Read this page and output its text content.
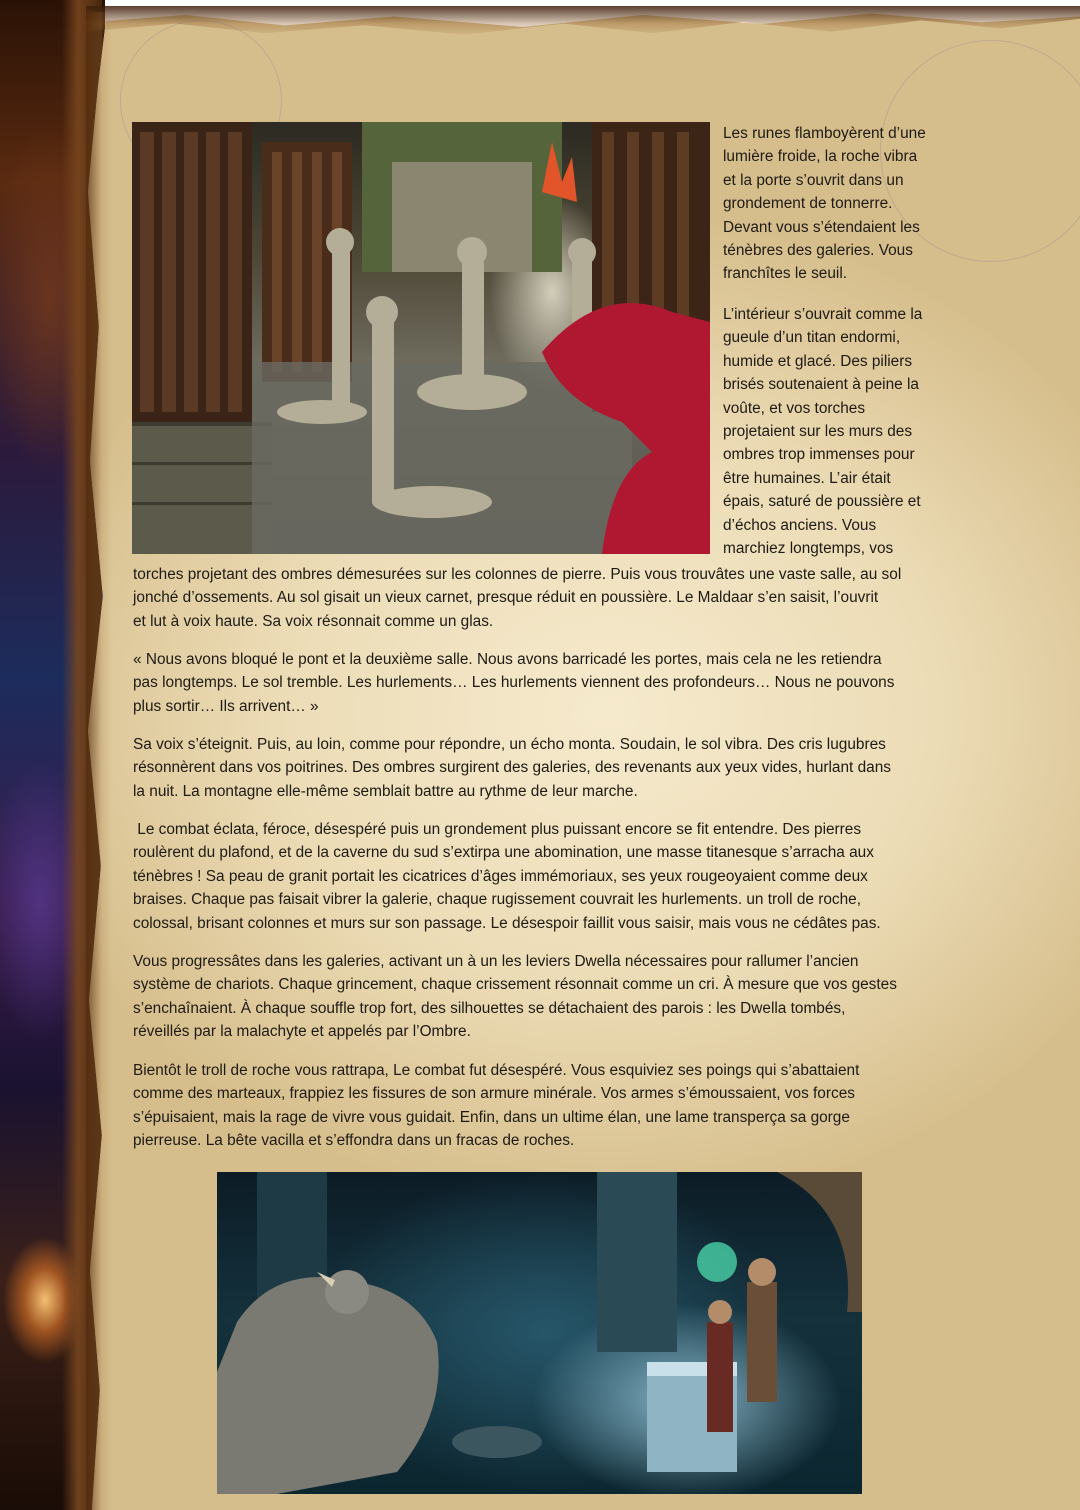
Les runes flamboyèrent d’une

lumière froide, la roche vibra

et la porte s’ouvrit dans un

grondement de tonnerre.

Devant vous s’étendaient les

ténèbres des galeries. Vous

franchîtes le seuil.

L’intérieur s’ouvrait comme la

gueule d’un titan endormi,

humide et glacé. Des piliers

brisés soutenaient à peine la

voûte, et vos torches

projetaient sur les murs des

ombres trop immenses pour

être humaines. L’air était

épais, saturé de poussière et

d’échos anciens. Vous

marchiez longtemps, vos

torches projetant des ombres démesurées sur les colonnes de pierre. Puis vous trouvâtes une vaste salle, au sol

jonché d’ossements. Au sol gisait un vieux carnet, presque réduit en poussière. Le Maldaar s’en saisit, l’ouvrit

et lut à voix haute. Sa voix résonnait comme un glas.

« Nous avons bloqué le pont et la deuxième salle. Nous avons barricadé les portes, mais cela ne les retiendra

pas longtemps. Le sol tremble. Les hurlements… Les hurlements viennent des profondeurs… Nous ne pouvons

plus sortir… Ils arrivent… »

Sa voix s’éteignit. Puis, au loin, comme pour répondre, un écho monta. Soudain, le sol vibra. Des cris lugubres

résonnèrent dans vos poitrines. Des ombres surgirent des galeries, des revenants aux yeux vides, hurlant dans

la nuit. La montagne elle-même semblait battre au rythme de leur marche.

Le combat éclata, féroce, désespéré puis un grondement plus puissant encore se fit entendre. Des pierres

roulèrent du plafond, et de la caverne du sud s’extirpa une abomination, une masse titanesque s’arracha aux

ténèbres ! Sa peau de granit portait les cicatrices d’âges immémoriaux, ses yeux rougeoyaient comme deux

braises. Chaque pas faisait vibrer la galerie, chaque rugissement couvrait les hurlements. un troll de roche,

colossal, brisant colonnes et murs sur son passage. Le désespoir faillit vous saisir, mais vous ne cédâtes pas.

Vous progressâtes dans les galeries, activant un à un les leviers Dwella nécessaires pour rallumer l’ancien

système de chariots. Chaque grincement, chaque crissement résonnait comme un cri. À mesure que vos gestes

s’enchaînaient. À chaque souffle trop fort, des silhouettes se détachaient des parois : les Dwella tombés,

réveillés par la malachyte et appelés par l’Ombre.

Bientôt le troll de roche vous rattrapa, Le combat fut désespéré. Vous esquiviez ses poings qui s’abattaient

comme des marteaux, frappiez les fissures de son armure minérale. Vos armes s’émoussaient, vos forces

s’épuisaient, mais la rage de vivre vous guidait. Enfin, dans un ultime élan, une lame transperça sa gorge

pierreuse. La bête vacilla et s’effondra dans un fracas de roches.
